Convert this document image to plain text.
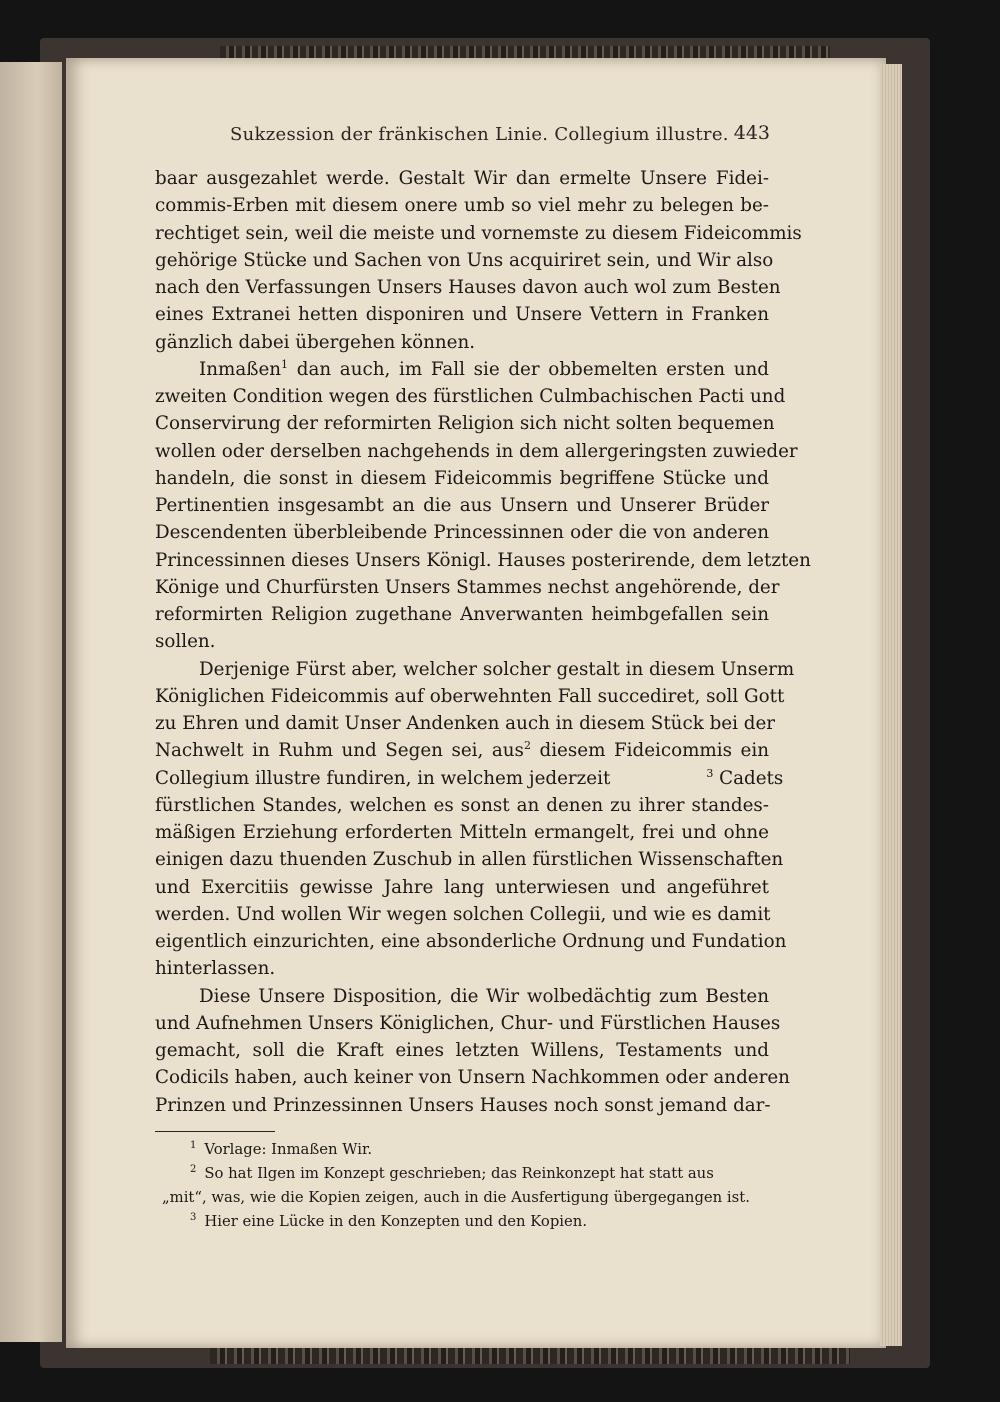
Sukzession der fränkischen Linie. Collegium illustre. 443
baar ausgezahlet werde. Gestalt Wir dan ermelte Unsere Fidei-
commis-Erben mit diesem onere umb so viel mehr zu belegen be-
rechtiget sein, weil die meiste und vornemste zu diesem Fideicommis
gehörige Stücke und Sachen von Uns acquiriret sein, und Wir also
nach den Verfassungen Unsers Hauses davon auch wol zum Besten
eines Extranei hetten disponiren und Unsere Vettern in Franken
gänzlich dabei übergehen können.
Inmaßen$^1$ dan auch, im Fall sie der obbemelten ersten und
zweiten Condition wegen des fürstlichen Culmbachischen Pacti und
Conservirung der reformirten Religion sich nicht solten bequemen
wollen oder derselben nachgehends in dem allergeringsten zuwieder
handeln, die sonst in diesem Fideicommis begriffene Stücke und
Pertinentien insgesambt an die aus Unsern und Unserer Brüder
Descendenten überbleibende Princessinnen oder die von anderen
Princessinnen dieses Unsers Königl. Hauses posterirende, dem letzten
Könige und Churfürsten Unsers Stammes nechst angehörende, der
reformirten Religion zugethane Anverwanten heimbgefallen sein
sollen.
Derjenige Fürst aber, welcher solcher gestalt in diesem Unserm
Königlichen Fideicommis auf oberwehnten Fall succediret, soll Gott
zu Ehren und damit Unser Andenken auch in diesem Stück bei der
Nachwelt in Ruhm und Segen sei, aus$^2$ diesem Fideicommis ein
Collegium illustre fundiren, in welchem jederzeit	$^3$ Cadets
fürstlichen Standes, welchen es sonst an denen zu ihrer standes-
mäßigen Erziehung erforderten Mitteln ermangelt, frei und ohne
einigen dazu thuenden Zuschub in allen fürstlichen Wissenschaften
und Exercitiis gewisse Jahre lang unterwiesen und angeführet
werden. Und wollen Wir wegen solchen Collegii, und wie es damit
eigentlich einzurichten, eine absonderliche Ordnung und Fundation
hinterlassen.
Diese Unsere Disposition, die Wir wolbedächtig zum Besten
und Aufnehmen Unsers Königlichen, Chur- und Fürstlichen Hauses
gemacht, soll die Kraft eines letzten Willens, Testaments und
Codicils haben, auch keiner von Unsern Nachkommen oder anderen
Prinzen und Prinzessinnen Unsers Hauses noch sonst jemand dar-
$^1$ Vorlage: Inmaßen Wir.
$^2$ So hat Ilgen im Konzept geschrieben; das Reinkonzept hat statt aus
„mit“, was, wie die Kopien zeigen, auch in die Ausfertigung übergegangen ist.
$^3$ Hier eine Lücke in den Konzepten und den Kopien.
